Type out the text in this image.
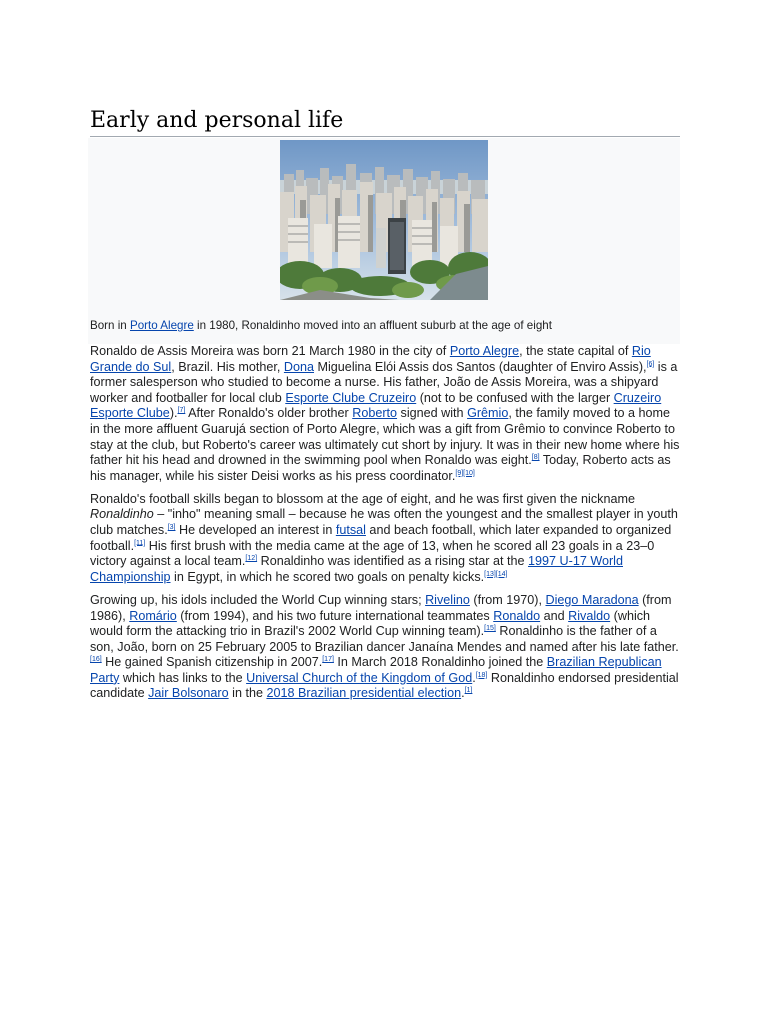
Early and personal life
Born in Porto Alegre in 1980, Ronaldinho moved into an affluent suburb at the age of eight

Ronaldo de Assis Moreira was born 21 March 1980 in the city of Porto Alegre, the state capital of Rio Grande do Sul, Brazil. His mother, Dona Miguelina Elói Assis dos Santos (daughter of Enviro Assis),[6] is a former salesperson who studied to become a nurse. His father, João de Assis Moreira, was a shipyard worker and footballer for local club Esporte Clube Cruzeiro (not to be confused with the larger Cruzeiro Esporte Clube).[7] After Ronaldo's older brother Roberto signed with Grêmio, the family moved to a home in the more affluent Guarujá section of Porto Alegre, which was a gift from Grêmio to convince Roberto to stay at the club, but Roberto's career was ultimately cut short by injury. It was in their new home where his father hit his head and drowned in the swimming pool when Ronaldo was eight.[8] Today, Roberto acts as his manager, while his sister Deisi works as his press coordinator.[9][10]

Ronaldo's football skills began to blossom at the age of eight, and he was first given the nickname Ronaldinho – "inho" meaning small – because he was often the youngest and the smallest player in youth club matches.[3] He developed an interest in futsal and beach football, which later expanded to organized football.[11] His first brush with the media came at the age of 13, when he scored all 23 goals in a 23–0 victory against a local team.[12] Ronaldinho was identified as a rising star at the 1997 U-17 World Championship in Egypt, in which he scored two goals on penalty kicks.[13][14]

Growing up, his idols included the World Cup winning stars; Rivelino (from 1970), Diego Maradona (from 1986), Romário (from 1994), and his two future international teammates Ronaldo and Rivaldo (which would form the attacking trio in Brazil's 2002 World Cup winning team).[15] Ronaldinho is the father of a son, João, born on 25 February 2005 to Brazilian dancer Janaína Mendes and named after his late father.[16] He gained Spanish citizenship in 2007.[17] In March 2018 Ronaldinho joined the Brazilian Republican Party which has links to the Universal Church of the Kingdom of God.[18] Ronaldinho endorsed presidential candidate Jair Bolsonaro in the 2018 Brazilian presidential election.[1]
